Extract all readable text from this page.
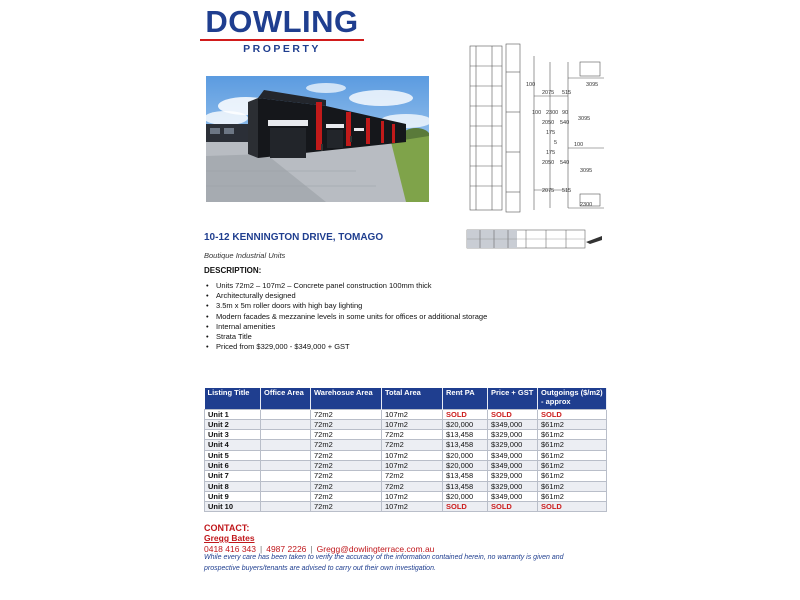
DOWLING
PROPERTY
100
2075 515
3095
100 2300 90
3095
2050 540
175
5
175
100
2050 540
3095
2075 515
2300
10-12 KENNINGTON DRIVE, TOMAGO
Boutique Industrial Units
DESCRIPTION:
• Units 72m2 – 107m2 – Concrete panel construction 100mm thick
• Architecturally designed
• 3.5m x 5m roller doors with high bay lighting
• Modern facades & mezzanine levels in some units for offices or additional storage
• Internal amenities
• Strata Title
• Priced from $329,000 - $349,000 + GST
Listing Title	Office Area	Warehosue Area	Total Area	Rent PA	Price + GST	Outgoings ($/m2) - approx
Unit 1		72m2	107m2	SOLD	SOLD	SOLD
Unit 2		72m2	107m2	$20,000	$349,000	$61m2
Unit 3		72m2	72m2	$13,458	$329,000	$61m2
Unit 4		72m2	72m2	$13,458	$329,000	$61m2
Unit 5		72m2	107m2	$20,000	$349,000	$61m2
Unit 6		72m2	107m2	$20,000	$349,000	$61m2
Unit 7		72m2	72m2	$13,458	$329,000	$61m2
Unit 8		72m2	72m2	$13,458	$329,000	$61m2
Unit 9		72m2	107m2	$20,000	$349,000	$61m2
Unit 10		72m2	107m2	SOLD	SOLD	SOLD
CONTACT:
Gregg Bates
0418 416 343 | 4987 2226 | Gregg@dowlingterrace.com.au
While every care has been taken to verify the accuracy of the information contained herein, no warranty is given and prospective buyers/tenants are advised to carry out their own investigation.
